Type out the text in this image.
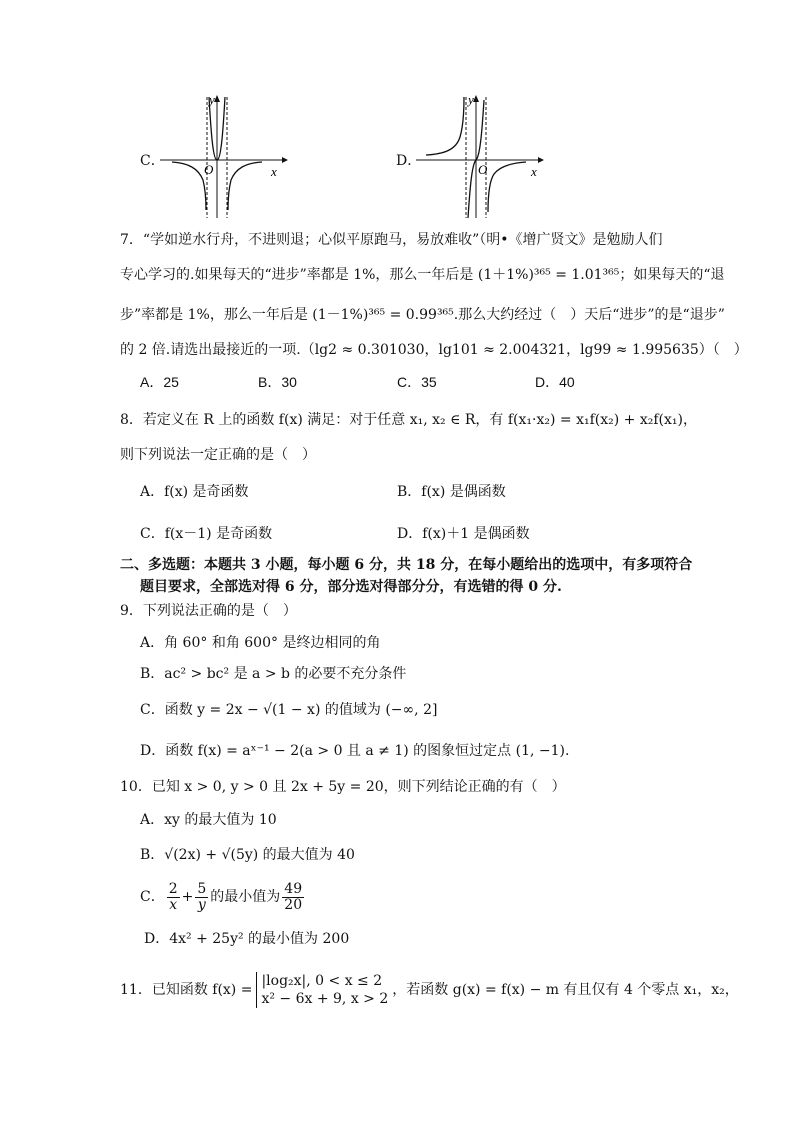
C．
y
x
O
D．
y
x
O
7．“学如逆水行舟，不进则退；心似平原跑马，易放难收”（明•《增广贤文》是勉励人们
专心学习的.如果每天的“进步”率都是 1%，那么一年后是 (1＋1%)³⁶⁵ = 1.01³⁶⁵；如果每天的“退
步”率都是 1%，那么一年后是 (1－1%)³⁶⁵ = 0.99³⁶⁵.那么大约经过（　）天后“进步”的是“退步”
的 2 倍.请选出最接近的一项.（lg2 ≈ 0.301030，lg101 ≈ 2.004321，lg99 ≈ 1.995635）（　）
A．25	B．30	C．35	D．40
8．若定义在 R 上的函数 f(x) 满足：对于任意 x₁, x₂ ∈ R，有 f(x₁·x₂) = x₁f(x₂) + x₂f(x₁)，
则下列说法一定正确的是（　）
A．f(x) 是奇函数	B．f(x) 是偶函数
C．f(x－1) 是奇函数	D．f(x)＋1 是偶函数
二、多选题：本题共 3 小题，每小题 6 分，共 18 分，在每小题给出的选项中，有多项符合
题目要求，全部选对得 6 分，部分选对得部分分，有选错的得 0 分.
9．下列说法正确的是（　）
A．角 60° 和角 600° 是终边相同的角
B．ac² > bc² 是 a > b 的必要不充分条件
C．函数 y = 2x − √(1 − x) 的值域为 (−∞, 2]
D．函数 f(x) = aˣ⁻¹ − 2(a > 0 且 a ≠ 1) 的图象恒过定点 (1, −1).
10．已知 x > 0, y > 0 且 2x + 5y = 20，则下列结论正确的有（　）
A．xy 的最大值为 10
B．√(2x) + √(5y) 的最大值为 40
C． $\frac{2}{x} + \frac{5}{y}$ 的最小值为 $\frac{49}{20}$
D．4x² + 25y² 的最小值为 200
11．已知函数 f(x) =
|log₂x|, 0 < x ≤ 2
x² − 6x + 9, x > 2
，若函数 g(x) = f(x) − m 有且仅有 4 个零点 x₁，x₂，
